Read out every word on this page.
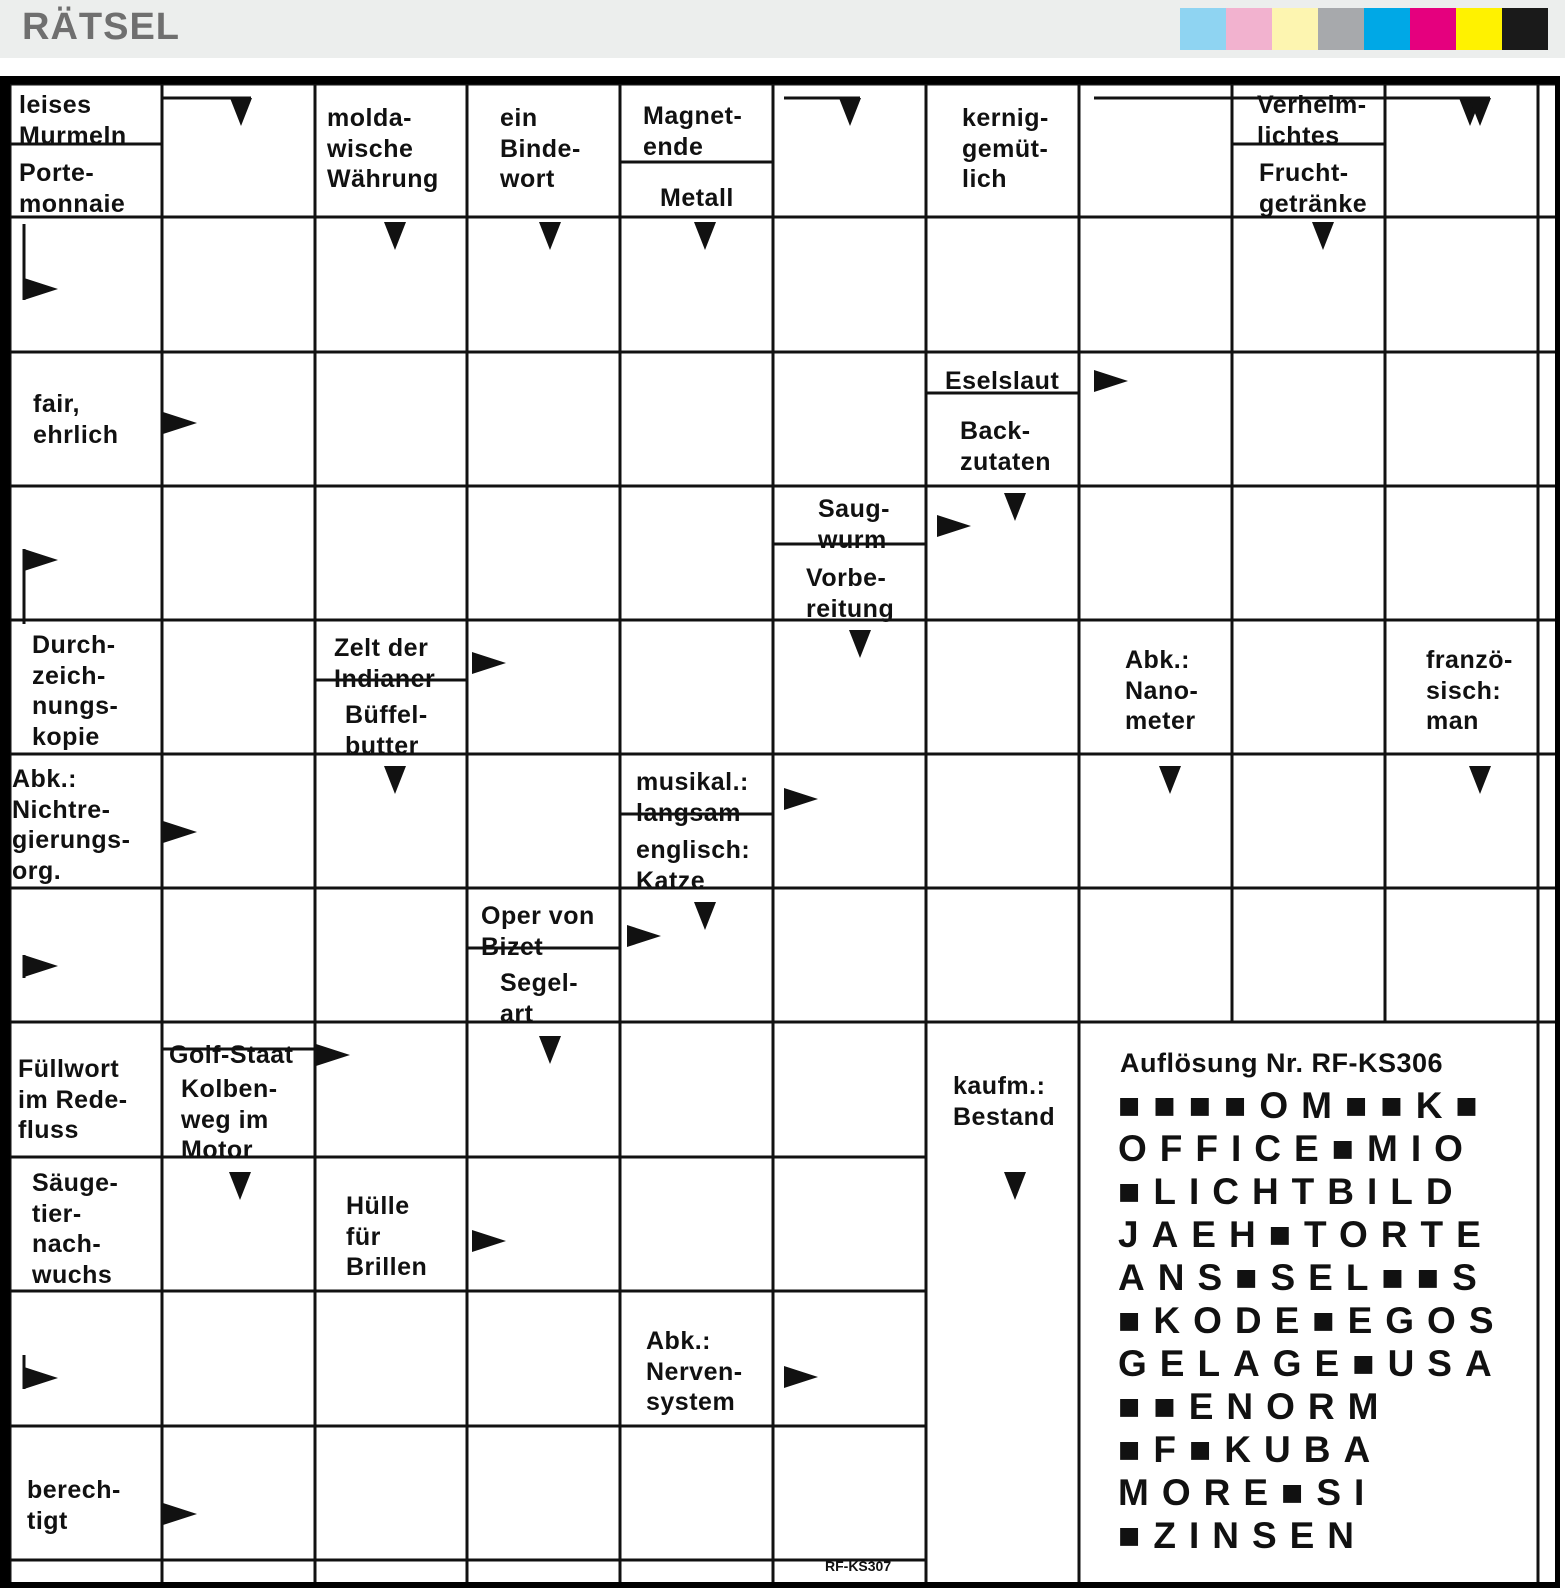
RÄTSEL
leises
Murmeln
Porte-
monnaie
molda-
wische
Währung
ein
Binde-
wort
Magnet-
ende
Metall
kernig-
gemüt-
lich
Verheim-
lichtes
Frucht-
getränke
fair,
ehrlich
Eselslaut
Back-
zutaten
Saug-
wurm
Vorbe-
reitung
Durch-
zeich-
nungs-
kopie
Zelt der
Indianer
Büffel-
butter
Abk.:
Nano-
meter
franzö-
sisch:
man
Abk.:
Nichtre-
gierungs-
org.
musikal.:
langsam
englisch:
Katze
Oper von
Bizet
Segel-
art
Füllwort
im Rede-
fluss
Golf-Staat
Kolben-
weg im
Motor
kaufm.:
Bestand
Säuge-
tier-
nach-
wuchs
Hülle
für
Brillen
Abk.:
Nerven-
system
berech-
tigt
Auflösung Nr. RF-KS306
■■■■OM■■K■
OFFICE■MIO
■LICHTBILD
JAEH■TORTE
ANS■SEL■■S
■KODE■EGOS
GELAGE■USA
■■ENORM
■F■KUBA
MORE■SI
■ZINSEN
RF-KS307
